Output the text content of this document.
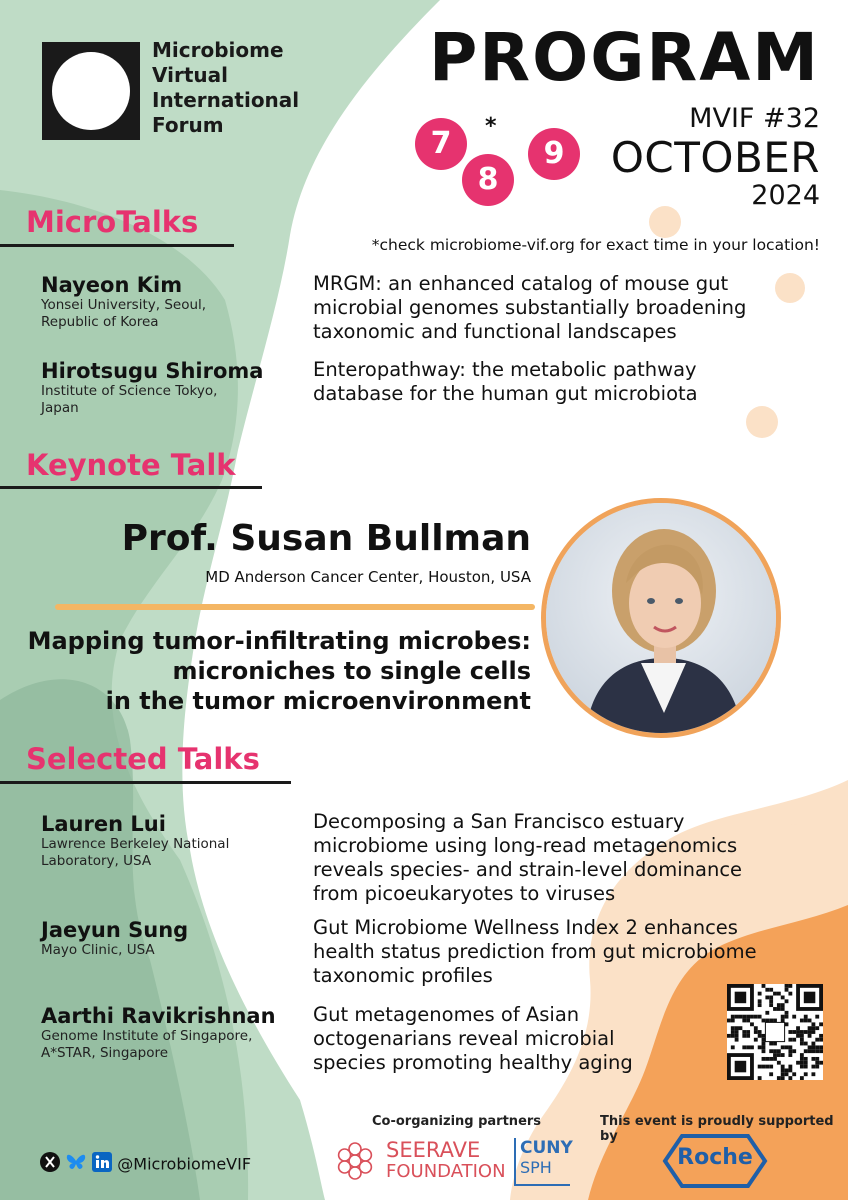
Microbiome
Virtual
International
Forum
PROGRAM
7	*
8
9
MVIF #32
OCTOBER
2024
*check microbiome-vif.org for exact time in your location!
MicroTalks
Nayeon Kim
Yonsei University, Seoul,
Republic of Korea
MRGM: an enhanced catalog of mouse gut
microbial genomes substantially broadening
taxonomic and functional landscapes
Hirotsugu Shiroma
Institute of Science Tokyo,
Japan
Enteropathway: the metabolic pathway
database for the human gut microbiota
Keynote Talk
Prof. Susan Bullman
MD Anderson Cancer Center, Houston, USA
Mapping tumor-infiltrating microbes:
microniches to single cells
in the tumor microenvironment
Selected Talks
Lauren Lui
Lawrence Berkeley National
Laboratory, USA
Decomposing a San Francisco estuary
microbiome using long-read metagenomics
reveals species- and strain-level dominance
from picoeukaryotes to viruses
Jaeyun Sung
Mayo Clinic, USA
Gut Microbiome Wellness Index 2 enhances
health status prediction from gut microbiome
taxonomic profiles
Aarthi Ravikrishnan
Genome Institute of Singapore,
A*STAR, Singapore
Gut metagenomes of Asian
octogenarians reveal microbial
species promoting healthy aging
@MicrobiomeVIF
Co-organizing partners
SEERAVE
FOUNDATION
CUNY
SPH
This event is proudly supported by
Roche
